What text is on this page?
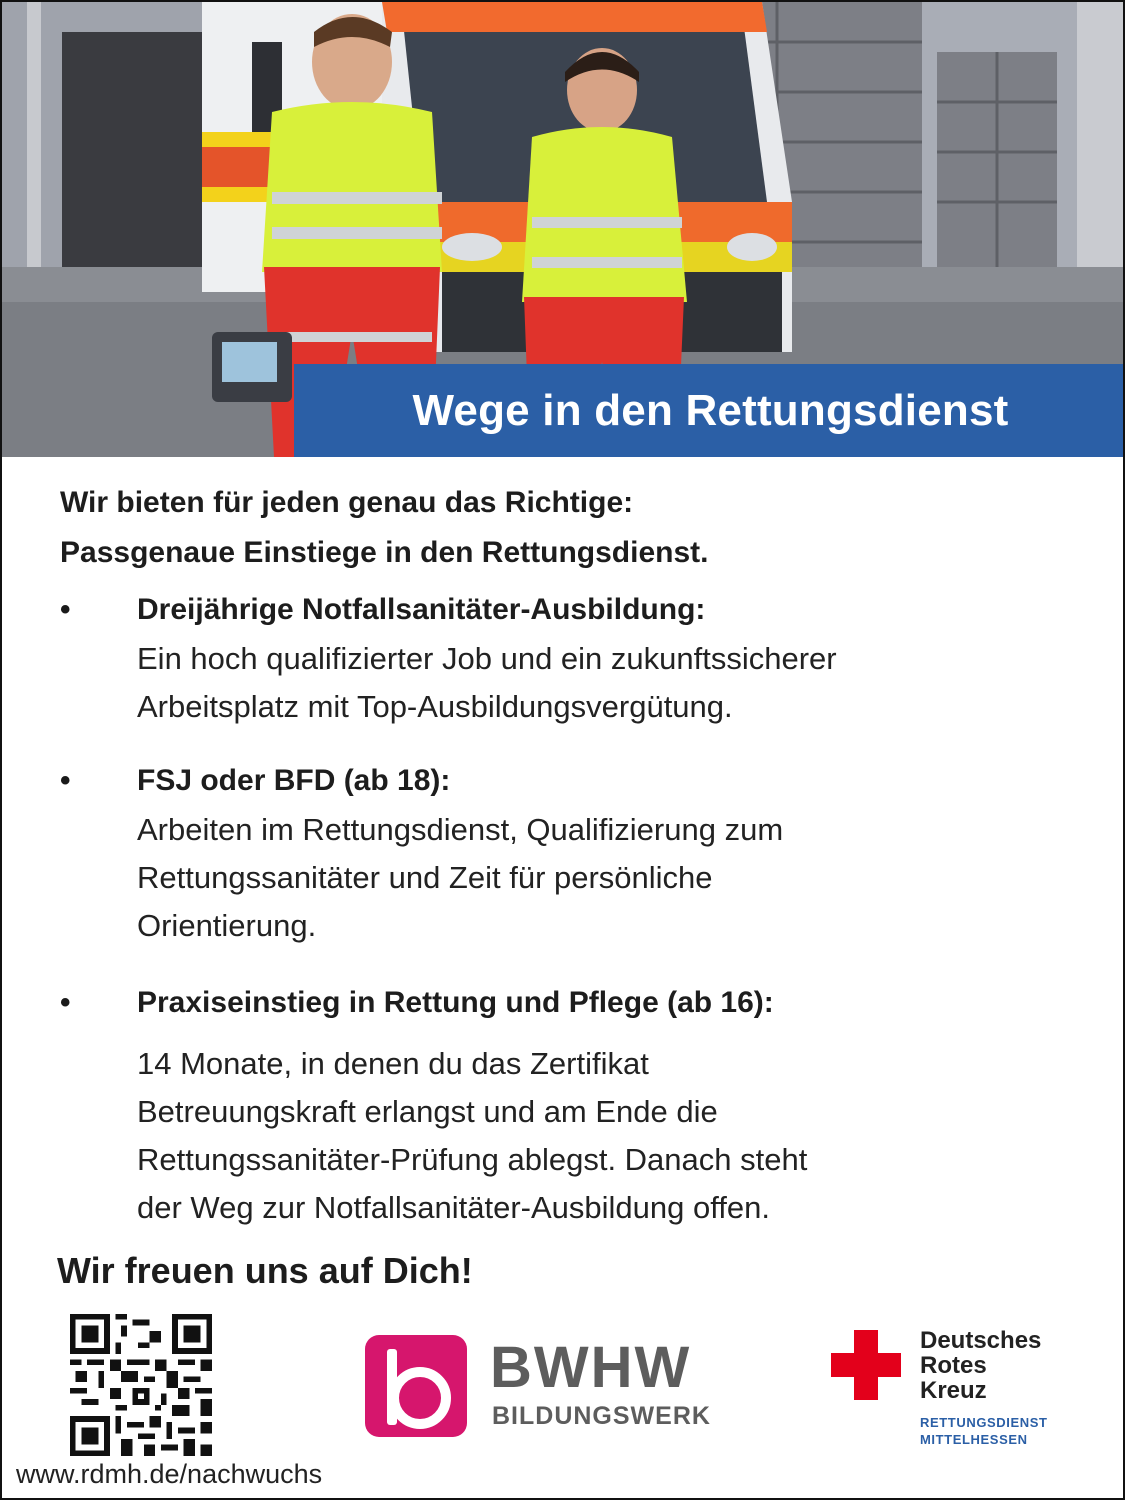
Wege in den Rettungsdienst
Wir bieten für jeden genau das Richtige:
Passgenaue Einstiege in den Rettungsdienst.
• Dreijährige Notfallsanitäter-Ausbildung:
Ein hoch qualifizierter Job und ein zukunftssicherer
Arbeitsplatz mit Top-Ausbildungsvergütung.
• FSJ oder BFD (ab 18):
Arbeiten im Rettungsdienst, Qualifizierung zum
Rettungssanitäter und Zeit für persönliche
Orientierung.
• Praxiseinstieg in Rettung und Pflege (ab 16):
14 Monate, in denen du das Zertifikat
Betreuungskraft erlangst und am Ende die
Rettungssanitäter-Prüfung ablegst. Danach steht
der Weg zur Notfallsanitäter-Ausbildung offen.
Wir freuen uns auf Dich!
www.rdmh.de/nachwuchs
BWHW
BILDUNGSWERK
Deutsches
Rotes
Kreuz
RETTUNGSDIENST
MITTELHESSEN
